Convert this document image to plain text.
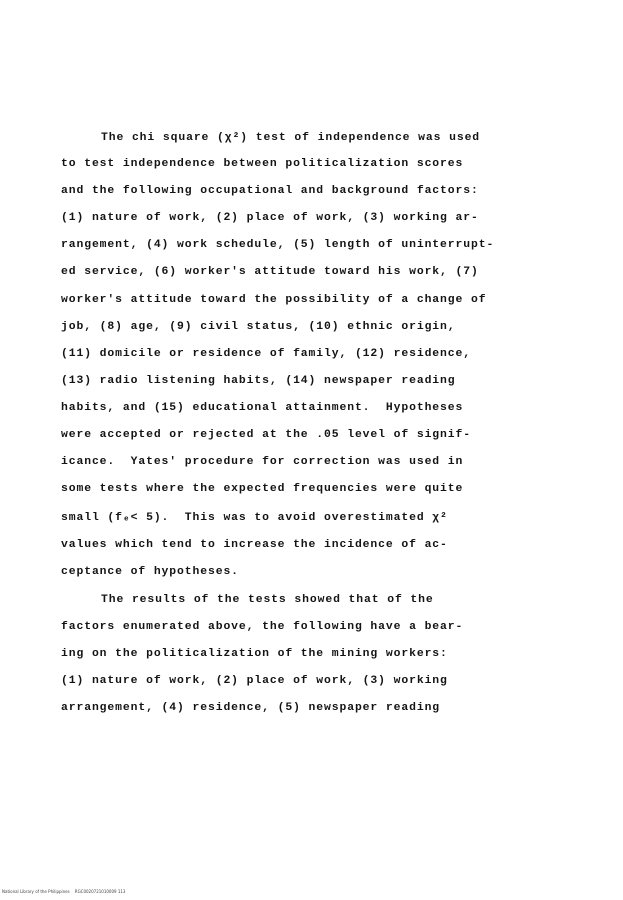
The chi square (χ²) test of independence was used
to test independence between politicalization scores
and the following occupational and background factors:
(1) nature of work, (2) place of work, (3) working ar-
rangement, (4) work schedule, (5) length of uninterrupt-
ed service, (6) worker's attitude toward his work, (7)
worker's attitude toward the possibility of a change of
job, (8) age, (9) civil status, (10) ethnic origin,
(11) domicile or residence of family, (12) residence,
(13) radio listening habits, (14) newspaper reading
habits, and (15) educational attainment.  Hypotheses
were accepted or rejected at the .05 level of signif-
icance.  Yates' procedure for correction was used in
some tests where the expected frequencies were quite
small (fₑ< 5).  This was to avoid overestimated χ²
values which tend to increase the incidence of ac-
ceptance of hypotheses.
The results of the tests showed that of the
factors enumerated above, the following have a bear-
ing on the politicalization of the mining workers:
(1) nature of work, (2) place of work, (3) working
arrangement, (4) residence, (5) newspaper reading
National Library of the Philippines    RGC0020721010009 113
